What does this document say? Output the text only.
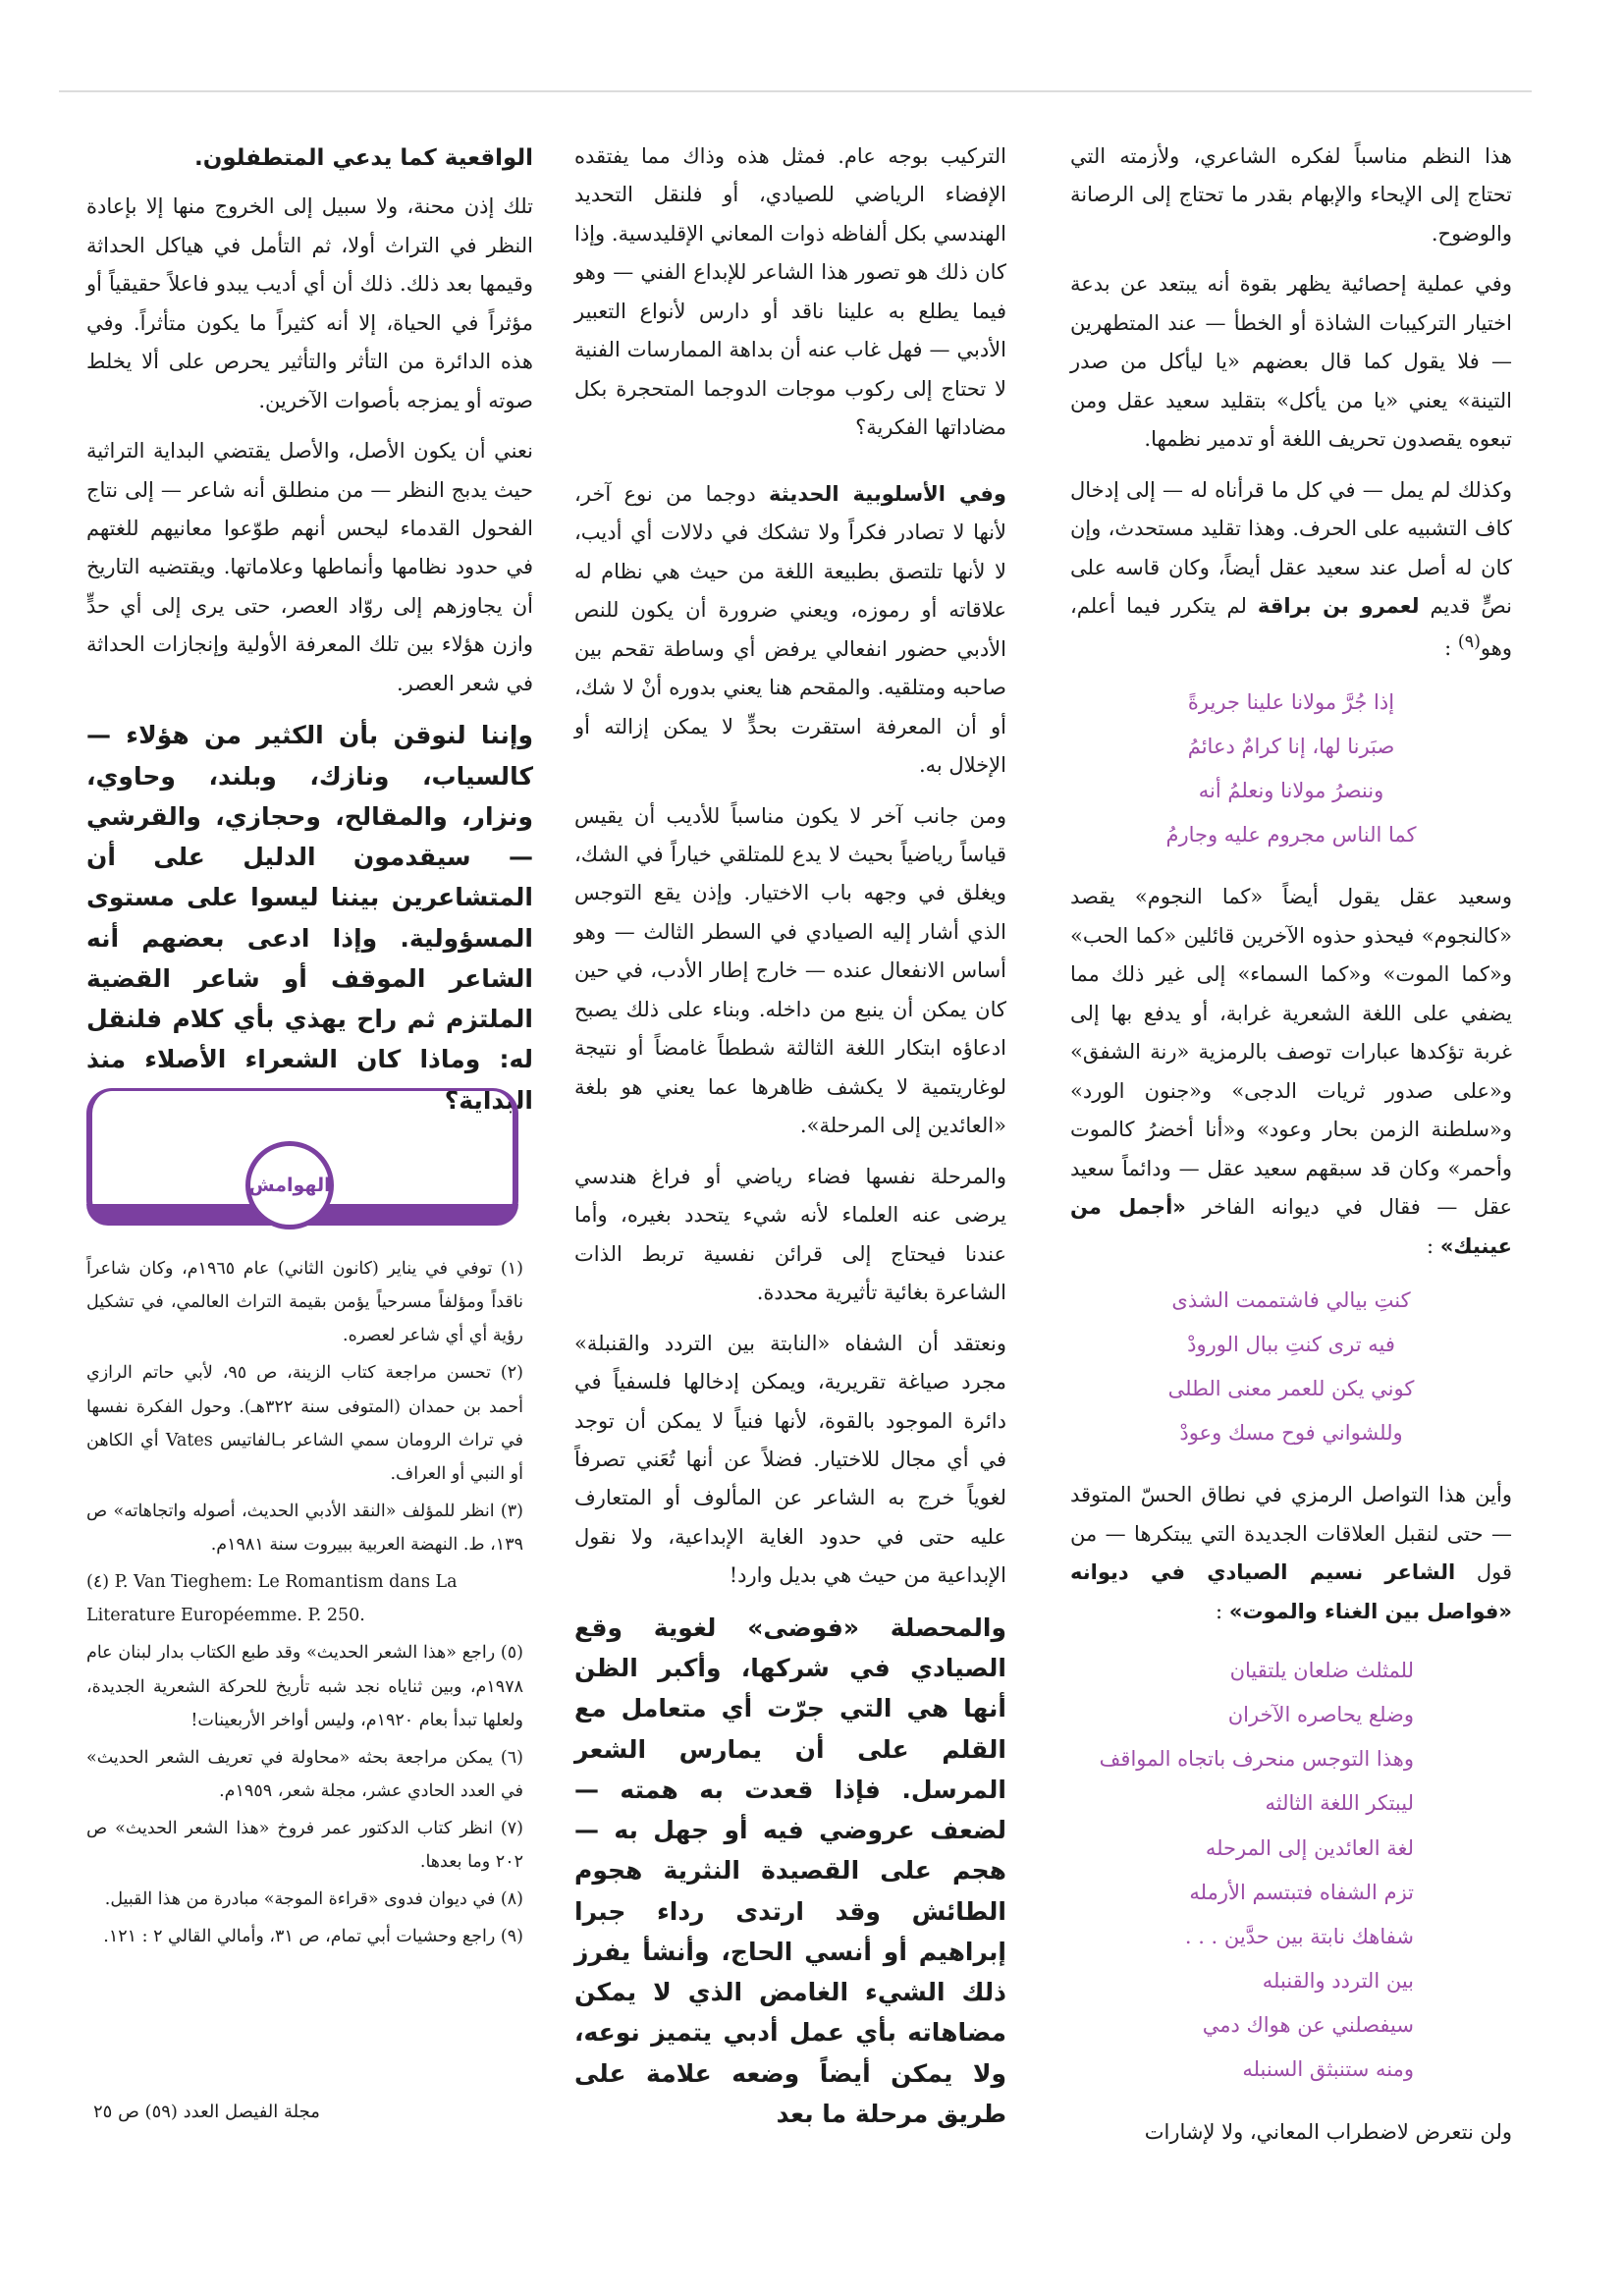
هذا النظم مناسباً لفكره الشاعري، ولأزمته التي تحتاج إلى الإيحاء والإبهام بقدر ما تحتاج إلى الرصانة والوضوح.

وفي عملية إحصائية يظهر بقوة أنه يبتعد عن بدعة اختيار التركيبات الشاذة أو الخطأ — عند المتطهرين — فلا يقول كما قال بعضهم «يا ليأكل من صدر التينة» يعني «يا من يأكل» بتقليد سعيد عقل ومن تبعوه يقصدون تحريف اللغة أو تدمير نظمها.

وكذلك لم يمل — في كل ما قرأناه له — إلى إدخال كاف التشبيه على الحرف. وهذا تقليد مستحدث، وإن كان له أصل عند سعيد عقل أيضاً، وكان قاسه على نصٍّ قديم لعمرو بن براقة لم يتكرر فيما أعلم، وهو$^{(٩)}$ :

إذا جُرَّ مولانا علينا جريرةً
صبَرنا لها، إنا كرامٌ دعائمُ
وننصرُ مولانا ونعلمُ أنه
كما الناس مجروم عليه وجارمُ

وسعيد عقل يقول أيضاً «كما النجوم» يقصد «كالنجوم» فيحذو حذوه الآخرين قائلين «كما الحب» و«كما الموت» و«كما السماء» إلى غير ذلك مما يضفي على اللغة الشعرية غرابة، أو يدفع بها إلى غربة تؤكدها عبارات توصف بالرمزية «رنة الشفق» و«على صدور ثريات الدجى» و«جنون الورد» و«سلطنة الزمن بحار وعود» و«أنا أخضرُ كالموت وأحمر» وكان قد سبقهم سعيد عقل — ودائماً سعيد عقل — فقال في ديوانه الفاخر «أجمل من عينيك» :

كنتِ بيالي فاشتممت الشذى
فيه ترى كنتِ ببال الورودْ
كوني يكن للعمر معنى الطلى
وللشواني فوح مسك وعودْ

وأين هذا التواصل الرمزي في نطاق الحسّ المتوقد — حتى لنقبل العلاقات الجديدة التي يبتكرها — من قول الشاعر نسيم الصيادي في ديوانه «فواصل بين الغناء والموت» :

للمثلث ضلعان يلتقيان
وضلع يحاصره الآخران
وهذا التوجس منحرف باتجاه المواقف
ليبتكر اللغة الثالثه
لغة العائدين إلى المرحله
تزم الشفاه فتبتسم الأرمله
شفاهك نابتة بين حدَّين . . .
بين التردد والقنبله
سيفصلني عن هواك دمي
ومنه ستنبثق السنبله

ولن نتعرض لاضطراب المعاني، ولا لإشارات

التركيب بوجه عام. فمثل هذه وذاك مما يفتقده الإفضاء الرياضي للصيادي، أو فلنقل التحديد الهندسي بكل ألفاظه ذوات المعاني الإقليدسية. وإذا كان ذلك هو تصور هذا الشاعر للإبداع الفني — وهو فيما يطلع به علينا ناقد أو دارس لأنواع التعبير الأدبي — فهل غاب عنه أن بداهة الممارسات الفنية لا تحتاج إلى ركوب موجات الدوجما المتحجرة بكل مضاداتها الفكرية؟

وفي الأسلوبية الحديثة دوجما من نوع آخر، لأنها لا تصادر فكراً ولا تشكك في دلالات أي أديب، لا لأنها تلتصق بطبيعة اللغة من حيث هي نظام له علاقاته أو رموزه، ويعني ضرورة أن يكون للنص الأدبي حضور انفعالي يرفض أي وساطة تقحم بين صاحبه ومتلقيه. والمقحم هنا يعني بدوره أنْ لا شك، أو أن المعرفة استقرت بحدٍّ لا يمكن إزالته أو الإخلال به.

ومن جانب آخر لا يكون مناسباً للأديب أن يقيس قياساً رياضياً بحيث لا يدع للمتلقي خياراً في الشك، ويغلق في وجهه باب الاختيار. وإذن يقع التوجس الذي أشار إليه الصيادي في السطر الثالث — وهو أساس الانفعال عنده — خارج إطار الأدب، في حين كان يمكن أن ينبع من داخله. وبناء على ذلك يصبح ادعاؤه ابتكار اللغة الثالثة شططاً غامضاً أو نتيجة لوغاريتمية لا يكشف ظاهرها عما يعني هو بلغة «العائدين إلى المرحلة».

والمرحلة نفسها فضاء رياضي أو فراغ هندسي يرضى عنه العلماء لأنه شيء يتحدد بغيره، وأما عندنا فيحتاج إلى قرائن نفسية تربط الذات الشاعرة بغائية تأثيرية محددة.

ونعتقد أن الشفاه «النابتة بين التردد والقنبلة» مجرد صياغة تقريرية، ويمكن إدخالها فلسفياً في دائرة الموجود بالقوة، لأنها فنياً لا يمكن أن توجد في أي مجال للاختيار. فضلاً عن أنها تُعَني تصرفاً لغوياً خرج به الشاعر عن المألوف أو المتعارف عليه حتى في حدود الغاية الإبداعية، ولا نقول الإبداعية من حيث هي بديل وارد!

والمحصلة «فوضى» لغوية وقع الصيادي في شركها، وأكبر الظن أنها هي التي جرّت أي متعامل مع القلم على أن يمارس الشعر المرسل. فإذا قعدت به همته — لضعف عروضي فيه أو جهل به — هجم على القصيدة النثرية هجوم الطائش وقد ارتدى رداء جبرا إبراهيم أو أنسي الحاج، وأنشأ يفرز ذلك الشيء الغامض الذي لا يمكن مضاهاته بأي عمل أدبي يتميز نوعه، ولا يمكن أيضاً وضعه علامة على طريق مرحلة ما بعد

الواقعية كما يدعي المتطفلون.

تلك إذن محنة، ولا سبيل إلى الخروج منها إلا بإعادة النظر في التراث أولا، ثم التأمل في هياكل الحداثة وقيمها بعد ذلك. ذلك أن أي أديب يبدو فاعلاً حقيقياً أو مؤثراً في الحياة، إلا أنه كثيراً ما يكون متأثراً. وفي هذه الدائرة من التأثر والتأثير يحرص على ألا يخلط صوته أو يمزجه بأصوات الآخرين.

نعني أن يكون الأصل، والأصل يقتضي البداية التراثية حيث يدبج النظر — من منطلق أنه شاعر — إلى نتاج الفحول القدماء ليحس أنهم طوّعوا معانيهم للغتهم في حدود نظامها وأنماطها وعلاماتها. ويقتضيه التاريخ أن يجاوزهم إلى روّاد العصر، حتى يرى إلى أي حدٍّ وازن هؤلاء بين تلك المعرفة الأولية وإنجازات الحداثة في شعر العصر.

وإننا لنوقن بأن الكثير من هؤلاء — كالسياب، ونازك، وبلند، وحاوي، ونزار، والمقالح، وحجازي، والقرشي — سيقدمون الدليل على أن المتشاعرين بيننا ليسوا على مستوى المسؤولية. وإذا ادعى بعضهم أنه الشاعر الموقف أو شاعر القضية الملتزم ثم راح يهذي بأي كلام فلنقل له: وماذا كان الشعراء الأصلاء منذ البداية؟

الهوامش

(١) توفي في يناير (كانون الثاني) عام ١٩٦٥م، وكان شاعراً ناقداً ومؤلفاً مسرحياً يؤمن بقيمة التراث العالمي، في تشكيل رؤية أي أي شاعر لعصره.

(٢) تحسن مراجعة كتاب الزينة، ص ٩٥، لأبي حاتم الرازي أحمد بن حمدان (المتوفى سنة ٣٢٢هـ). وحول الفكرة نفسها في تراث الرومان سمي الشاعر بـالفاتيس Vates أي الكاهن أو النبي أو العراف.

(٣) انظر للمؤلف «النقد الأدبي الحديث، أصوله واتجاهاته» ص ١٣٩، ط. النهضة العربية ببيروت سنة ١٩٨١م.

(٤) P. Van Tieghem: Le Romantism dans La Literature Européemme. P. 250.

(٥) راجع «هذا الشعر الحديث» وقد طبع الكتاب بدار لبنان عام ١٩٧٨م، وبين ثناياه نجد شبه تأريخ للحركة الشعرية الجديدة، ولعلها تبدأ بعام ١٩٢٠م، وليس أواخر الأربعينات!

(٦) يمكن مراجعة بحثه «محاولة في تعريف الشعر الحديث» في العدد الحادي عشر، مجلة شعر، ١٩٥٩م.

(٧) انظر كتاب الدكتور عمر فروخ «هذا الشعر الحديث» ص ٢٠٢ وما بعدها.

(٨) في ديوان فدوى «قراءة الموجة» مبادرة من هذا القبيل.

(٩) راجع وحشيات أبي تمام، ص ٣١، وأمالي القالي ٢ : ١٢١.

مجلة الفيصل العدد (٥٩) ص ٢٥
